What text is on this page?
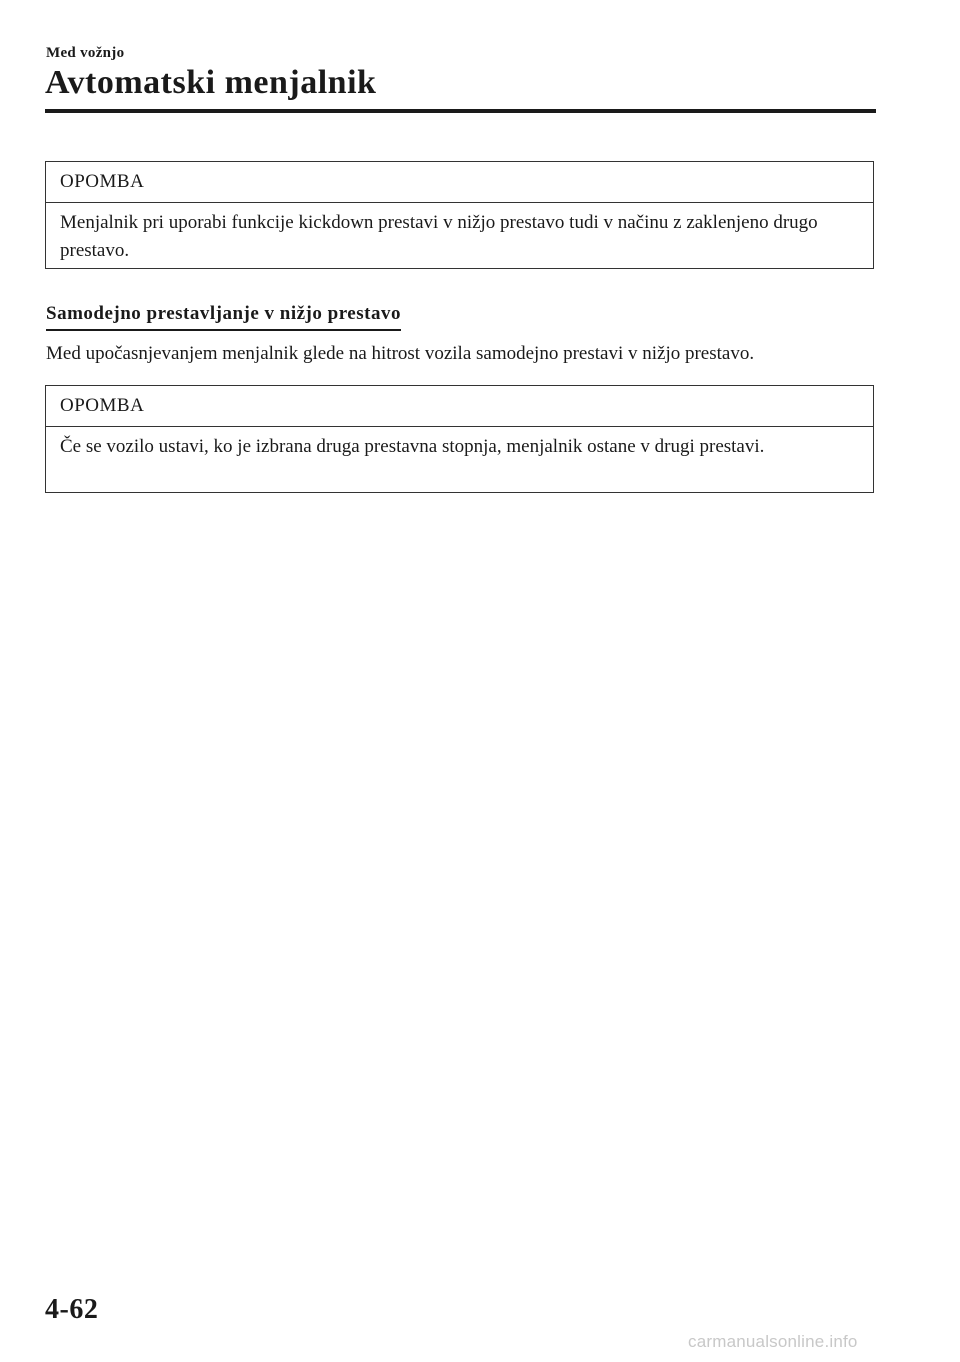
Med vožnjo
Avtomatski menjalnik
OPOMBA
Menjalnik pri uporabi funkcije kickdown prestavi v nižjo prestavo tudi v načinu z zaklenjeno drugo prestavo.
Samodejno prestavljanje v nižjo prestavo
Med upočasnjevanjem menjalnik glede na hitrost vozila samodejno prestavi v nižjo prestavo.
OPOMBA
Če se vozilo ustavi, ko je izbrana druga prestavna stopnja, menjalnik ostane v drugi prestavi.
4-62
carmanualsonline.info
